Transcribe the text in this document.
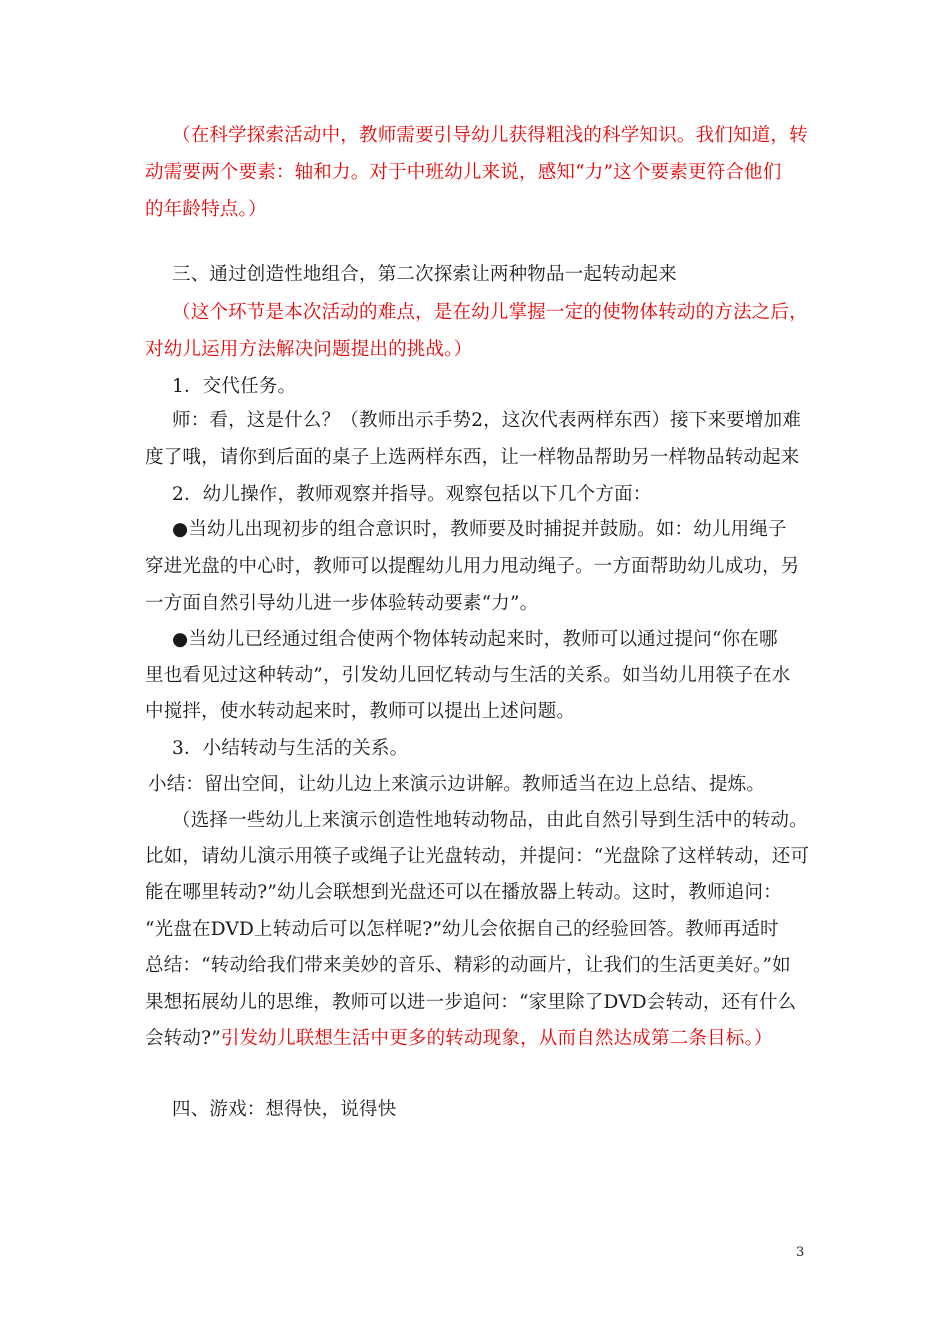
（在科学探索活动中，教师需要引导幼儿获得粗浅的科学知识。我们知道，转
动需要两个要素：轴和力。对于中班幼儿来说，感知“力”这个要素更符合他们
的年龄特点。）
三、通过创造性地组合，第二次探索让两种物品一起转动起来
（这个环节是本次活动的难点，是在幼儿掌握一定的使物体转动的方法之后，
对幼儿运用方法解决问题提出的挑战。）
1．交代任务。
师：看，这是什么？（教师出示手势2，这次代表两样东西）接下来要增加难
度了哦，请你到后面的桌子上选两样东西，让一样物品帮助另一样物品转动起来
2．幼儿操作，教师观察并指导。观察包括以下几个方面：
●当幼儿出现初步的组合意识时，教师要及时捕捉并鼓励。如：幼儿用绳子
穿进光盘的中心时，教师可以提醒幼儿用力甩动绳子。一方面帮助幼儿成功，另
一方面自然引导幼儿进一步体验转动要素“力”。
●当幼儿已经通过组合使两个物体转动起来时，教师可以通过提问“你在哪
里也看见过这种转动”，引发幼儿回忆转动与生活的关系。如当幼儿用筷子在水
中搅拌，使水转动起来时，教师可以提出上述问题。
3．小结转动与生活的关系。
小结：留出空间，让幼儿边上来演示边讲解。教师适当在边上总结、提炼。
（选择一些幼儿上来演示创造性地转动物品，由此自然引导到生活中的转动。
比如，请幼儿演示用筷子或绳子让光盘转动，并提问：“光盘除了这样转动，还可
能在哪里转动?”幼儿会联想到光盘还可以在播放器上转动。这时，教师追问：
“光盘在DVD上转动后可以怎样呢?”幼儿会依据自己的经验回答。教师再适时
总结：“转动给我们带来美妙的音乐、精彩的动画片，让我们的生活更美好。”如
果想拓展幼儿的思维，教师可以进一步追问：“家里除了DVD会转动，还有什么
会转动?”引发幼儿联想生活中更多的转动现象，从而自然达成第二条目标。）
四、游戏：想得快，说得快
3
